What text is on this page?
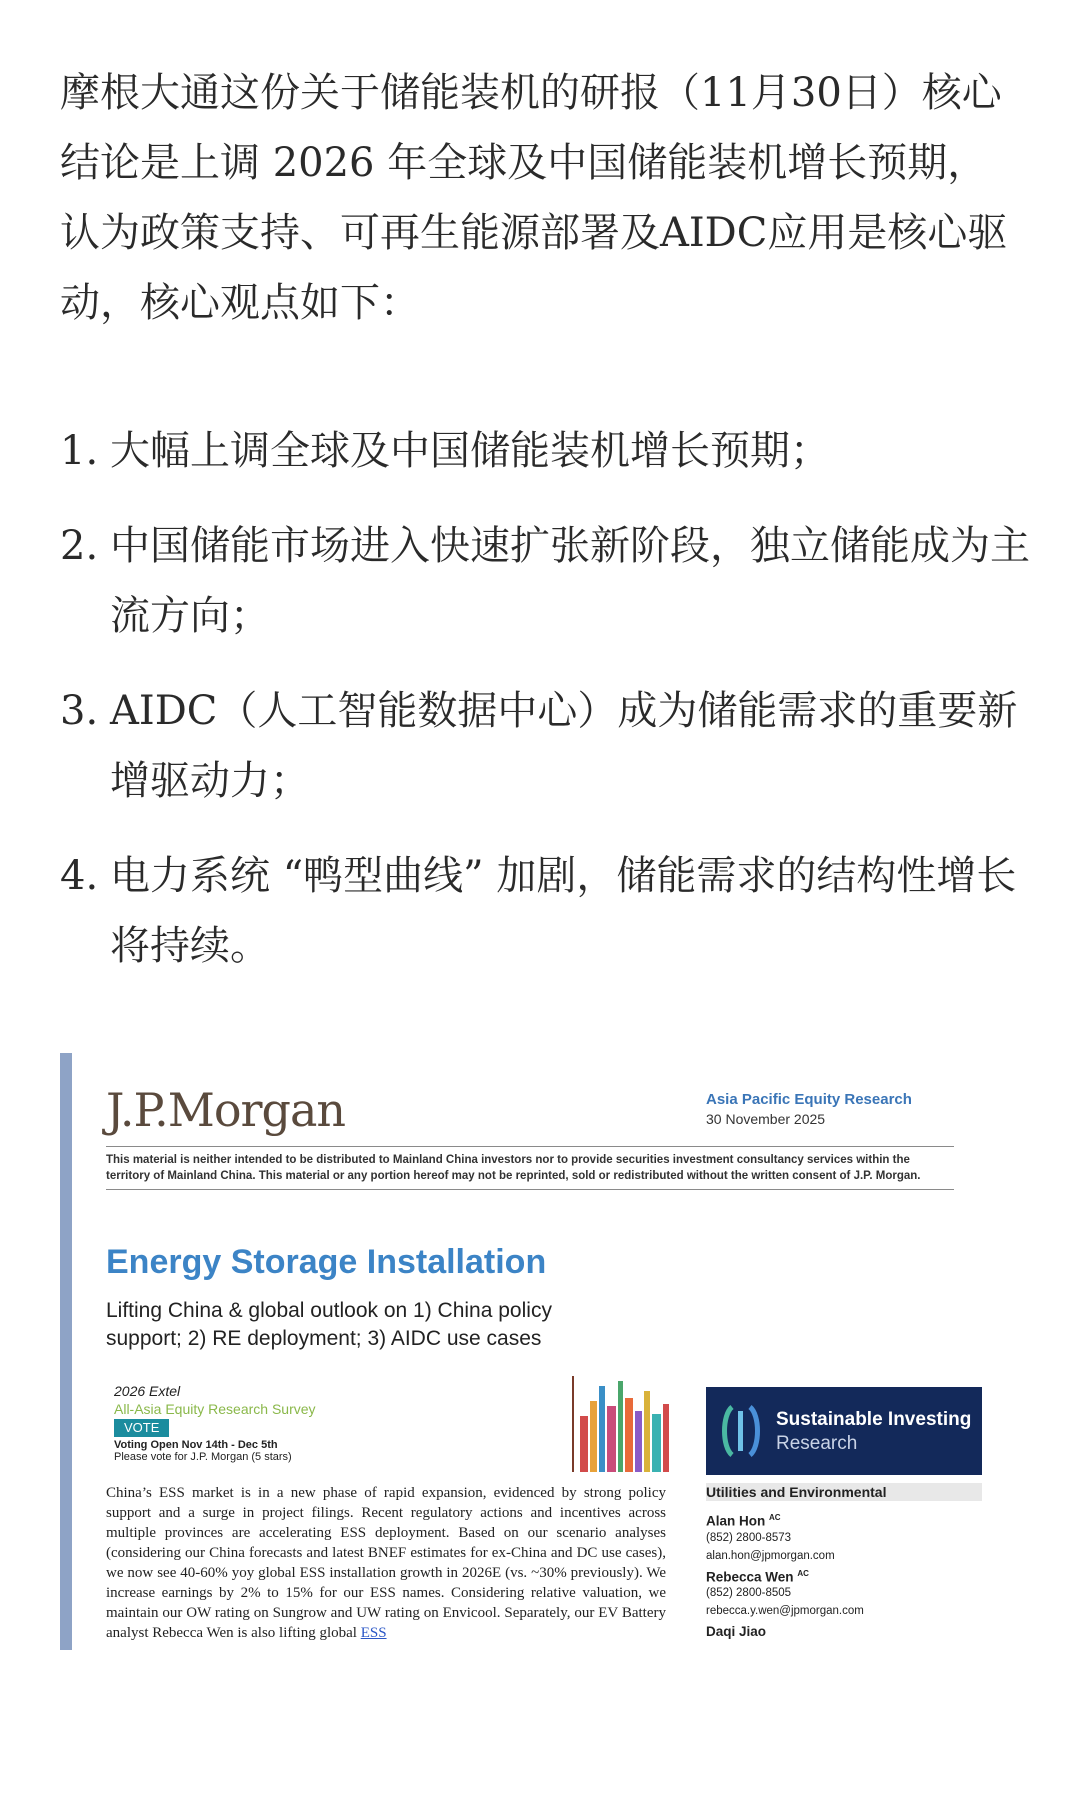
摩根大通这份关于储能装机的研报（11月30日）核心结论是上调 2026 年全球及中国储能装机增长预期，认为政策支持、可再生能源部署及AIDC应用是核心驱动，核心观点如下：

1. 大幅上调全球及中国储能装机增长预期；
2. 中国储能市场进入快速扩张新阶段，独立储能成为主流方向；
3. AIDC（人工智能数据中心）成为储能需求的重要新增驱动力；
4. 电力系统 “鸭型曲线” 加剧，储能需求的结构性增长将持续。
J.P.Morgan	Asia Pacific Equity Research
30 November 2025
This material is neither intended to be distributed to Mainland China investors nor to provide securities investment consultancy services within the territory of Mainland China. This material or any portion hereof may not be reprinted, sold or redistributed without the written consent of J.P. Morgan.
Energy Storage Installation
Lifting China & global outlook on 1) China policy support; 2) RE deployment; 3) AIDC use cases
2026 Extel
All-Asia Equity Research Survey
VOTE
Voting Open Nov 14th - Dec 5th
Please vote for J.P. Morgan (5 stars)
Sustainable Investing
Research
Utilities and Environmental
Alan Hon $^{AC}$
(852) 2800-8573
alan.hon@jpmorgan.com
Rebecca Wen $^{AC}$
(852) 2800-8505
rebecca.y.wen@jpmorgan.com
Daqi Jiao
China’s ESS market is in a new phase of rapid expansion, evidenced by strong policy support and a surge in project filings. Recent regulatory actions and incentives across multiple provinces are accelerating ESS deployment. Based on our scenario analyses (considering our China forecasts and latest BNEF estimates for ex-China and DC use cases), we now see 40-60% yoy global ESS installation growth in 2026E (vs. ~30% previously). We increase earnings by 2% to 15% for our ESS names. Considering relative valuation, we maintain our OW rating on Sungrow and UW rating on Envicool. Separately, our EV Battery analyst Rebecca Wen is also lifting global ESS
